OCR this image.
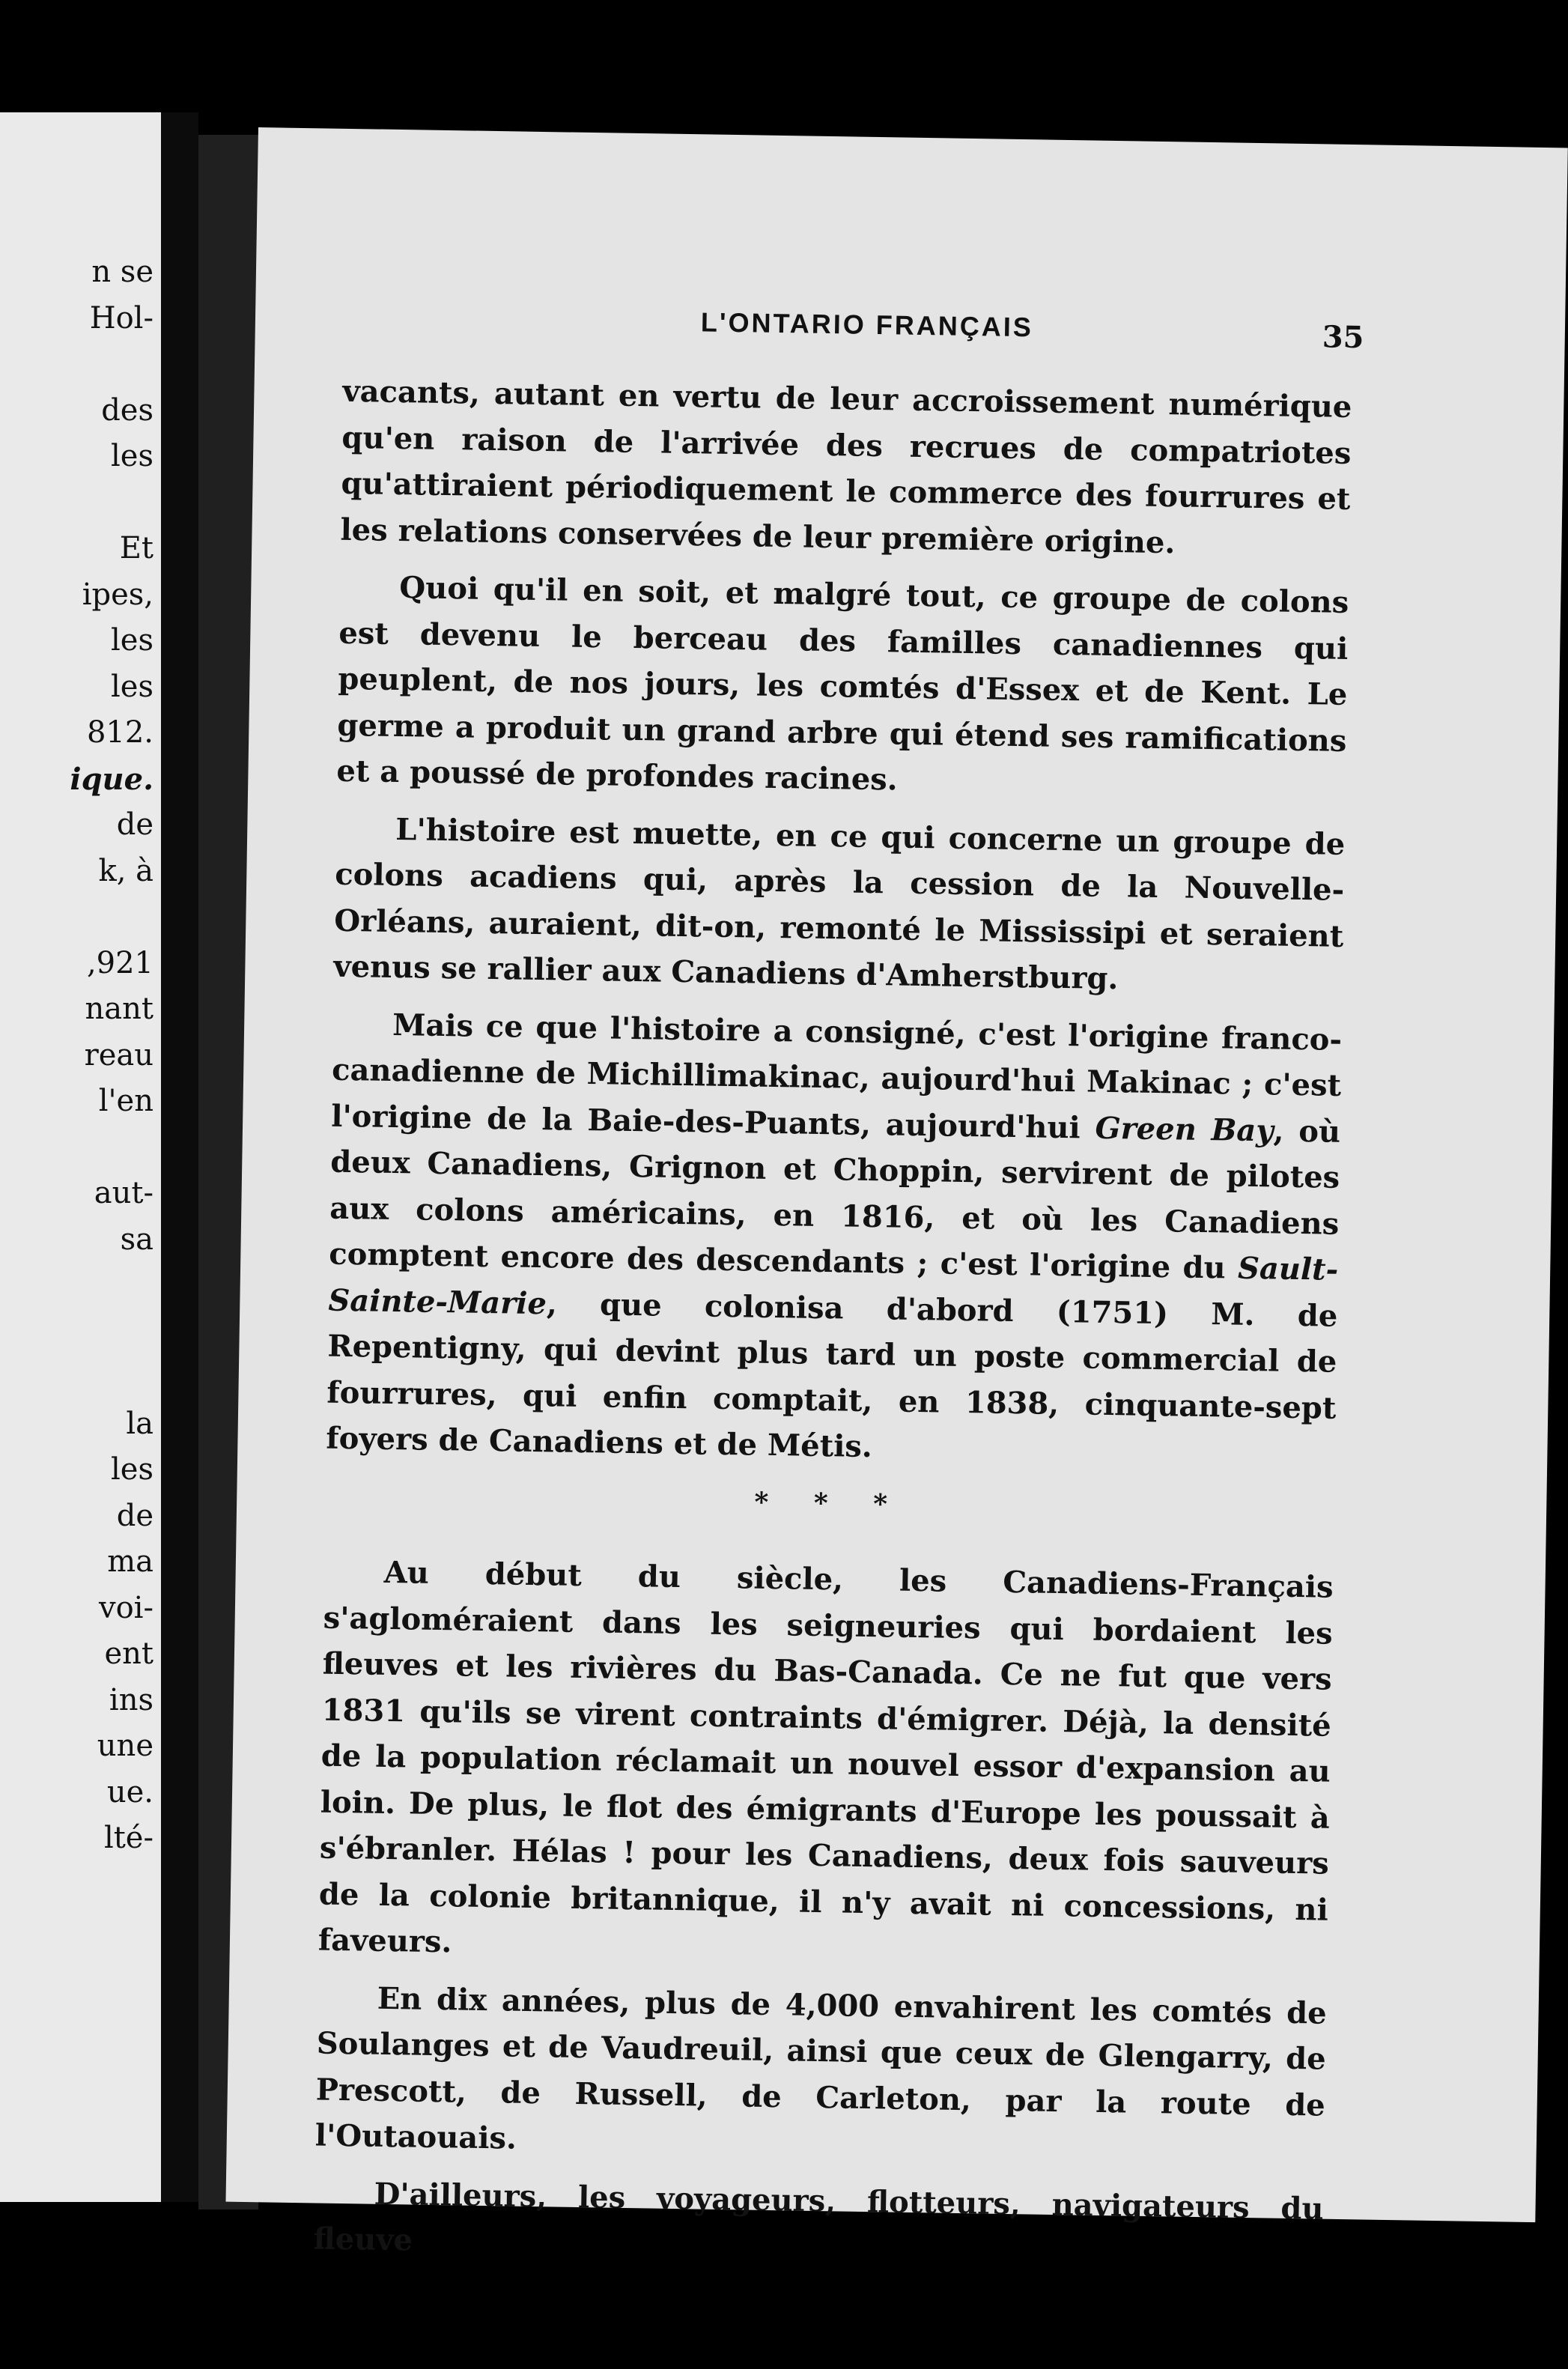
n se
Hol-
des
les
Et
ipes,
les
les
812.
ique.
de
k, à
,921
nant
reau
l'en
aut-
sa
la
les
de
ma
voi-
ent
ins
une
ue.
lté-
L'ONTARIO FRANÇAIS	35

vacants, autant en vertu de leur accroissement numérique qu'en raison de l'arrivée des recrues de compatriotes qu'attiraient périodiquement le commerce des fourrures et les relations conservées de leur première origine.

Quoi qu'il en soit, et malgré tout, ce groupe de colons est devenu le berceau des familles canadiennes qui peuplent, de nos jours, les comtés d'Essex et de Kent. Le germe a produit un grand arbre qui étend ses ramifications et a poussé de profondes racines.

L'histoire est muette, en ce qui concerne un groupe de colons acadiens qui, après la cession de la Nouvelle-Orléans, auraient, dit-on, remonté le Mississipi et seraient venus se rallier aux Canadiens d'Amherstburg.

Mais ce que l'histoire a consigné, c'est l'origine franco-canadienne de Michillimakinac, aujourd'hui Makinac ; c'est l'origine de la Baie-des-Puants, aujourd'hui Green Bay, où deux Canadiens, Grignon et Choppin, servirent de pilotes aux colons américains, en 1816, et où les Canadiens comptent encore des descendants ; c'est l'origine du Sault-Sainte-Marie, que colonisa d'abord (1751) M. de Repentigny, qui devint plus tard un poste commercial de fourrures, qui enfin comptait, en 1838, cinquante-sept foyers de Canadiens et de Métis.

* * *

Au début du siècle, les Canadiens-Français s'agloméraient dans les seigneuries qui bordaient les fleuves et les rivières du Bas-Canada. Ce ne fut que vers 1831 qu'ils se virent contraints d'émigrer. Déjà, la densité de la population réclamait un nouvel essor d'expansion au loin. De plus, le flot des émigrants d'Europe les poussait à s'ébranler. Hélas ! pour les Canadiens, deux fois sauveurs de la colonie britannique, il n'y avait ni concessions, ni faveurs.

En dix années, plus de 4,000 envahirent les comtés de Soulanges et de Vaudreuil, ainsi que ceux de Glengarry, de Prescott, de Russell, de Carleton, par la route de l'Outaouais.

D'ailleurs, les voyageurs, flotteurs, navigateurs du fleuve
